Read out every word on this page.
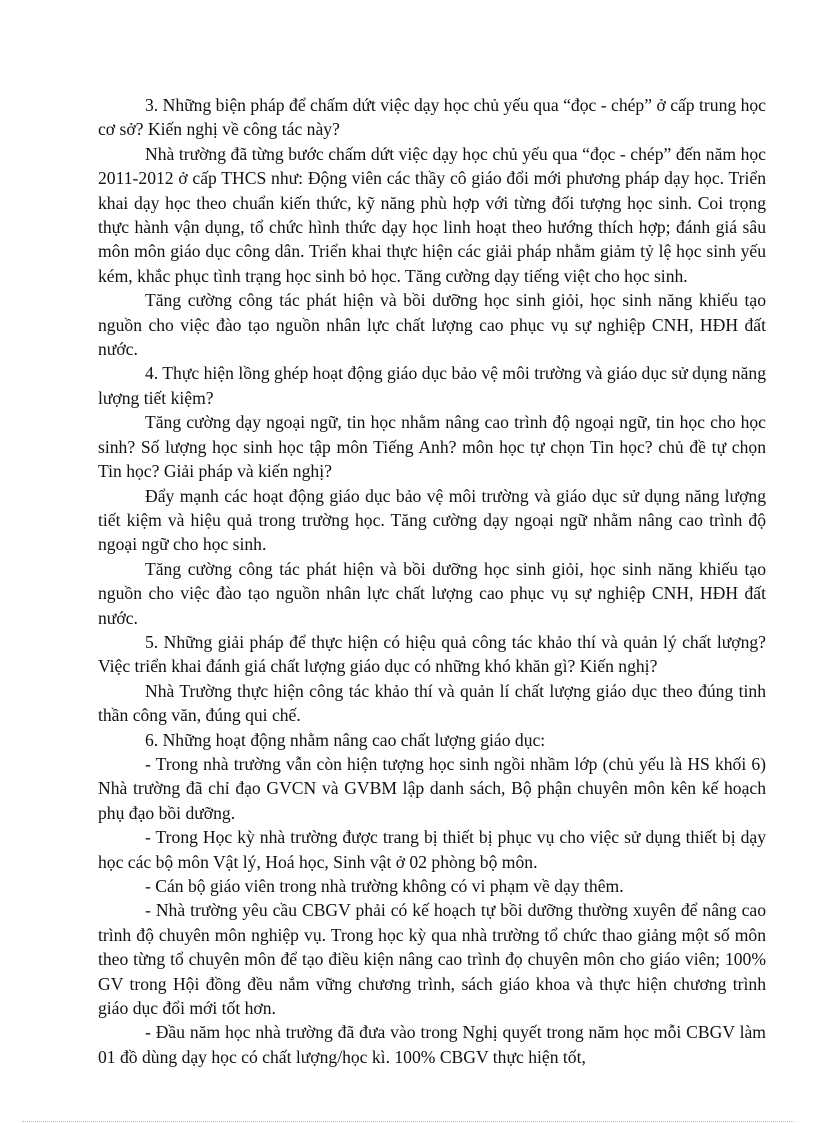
3. Những biện pháp để chấm dứt việc dạy học chủ yếu qua “đọc - chép” ở cấp trung học cơ sở? Kiến nghị về công tác này?

Nhà trường đã từng bước chấm dứt việc dạy học chủ yếu qua “đọc - chép” đến năm học 2011-2012 ở cấp THCS như: Động viên các thầy cô giáo đổi mới phương pháp dạy học. Triển khai dạy học theo chuẩn kiến thức, kỹ năng phù hợp với từng đối tượng học sinh. Coi trọng thực hành vận dụng, tổ chức hình thức dạy học linh hoạt theo hướng thích hợp; đánh giá sâu môn môn giáo dục công dân. Triển khai thực hiện các giải pháp nhằm giảm tỷ lệ học sinh yếu kém, khắc phục tình trạng học sinh bỏ học. Tăng cường dạy tiếng việt cho học sinh.

Tăng cường công tác phát hiện và bồi dưỡng học sinh giỏi, học sinh năng khiếu tạo nguồn cho việc đào tạo nguồn nhân lực chất lượng cao phục vụ sự nghiệp CNH, HĐH đất nước.

4. Thực hiện lồng ghép hoạt động giáo dục bảo vệ môi trường và giáo dục sử dụng năng lượng tiết kiệm?

Tăng cường dạy ngoại ngữ, tin học nhằm nâng cao trình độ ngoại ngữ, tin học cho học sinh? Số lượng học sinh học tập môn Tiếng Anh? môn học tự chọn Tin học? chủ đề tự chọn Tin học? Giải pháp và kiến nghị?

Đẩy mạnh các hoạt động giáo dục bảo vệ môi trường và giáo dục sử dụng năng lượng tiết kiệm và hiệu quả trong trường học. Tăng cường dạy ngoại ngữ nhằm nâng cao trình độ ngoại ngữ cho học sinh.

Tăng cường công tác phát hiện và bồi dưỡng học sinh giỏi, học sinh năng khiếu tạo nguồn cho việc đào tạo nguồn nhân lực chất lượng cao phục vụ sự nghiệp CNH, HĐH đất nước.

5. Những giải pháp để thực hiện có hiệu quả công tác khảo thí và quản lý chất lượng? Việc triển khai đánh giá chất lượng giáo dục có những khó khăn gì? Kiến nghị?

Nhà Trường thực hiện công tác khảo thí và quản lí chất lượng giáo dục theo đúng tinh thần công văn, đúng qui chế.

6. Những hoạt động nhằm nâng cao chất lượng giáo dục:

- Trong nhà trường vẫn còn hiện tượng học sinh ngồi nhầm lớp (chủ yếu là HS khối 6) Nhà trường đã chỉ đạo GVCN và GVBM lập danh sách, Bộ phận chuyên môn kên kế hoạch phụ đạo bồi dưỡng.

- Trong Học kỳ nhà trường được trang bị thiết bị phục vụ cho việc sử dụng thiết bị dạy học các bộ môn Vật lý, Hoá học, Sinh vật ở 02 phòng bộ môn.

- Cán bộ giáo viên trong nhà trường không có vi phạm về dạy thêm.

- Nhà trường yêu cầu CBGV phải có kế hoạch tự bồi dưỡng thường xuyên để nâng cao trình độ chuyên môn nghiệp vụ. Trong học kỳ qua nhà trường tổ chức thao giảng một số môn theo từng tổ chuyên môn để tạo điều kiện nâng cao trình đọ chuyên môn cho giáo viên; 100% GV trong Hội đồng đều nắm vững chương trình, sách giáo khoa và thực hiện chương trình giáo dục đổi mới tốt hơn.

- Đầu năm học nhà trường đã đưa vào trong Nghị quyết trong năm học mỗi CBGV làm 01 đồ dùng dạy học có chất lượng/học kì. 100% CBGV thực hiện tốt,
